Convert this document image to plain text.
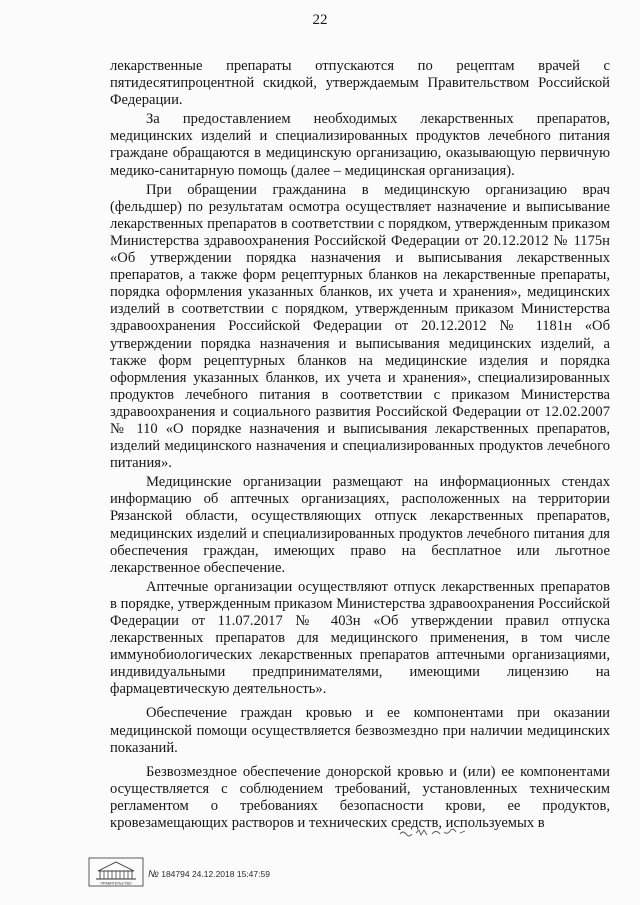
22

лекарственные препараты отпускаются по рецептам врачей с пятидесятипроцентной скидкой, утверждаемым Правительством Российской Федерации.

За предоставлением необходимых лекарственных препаратов, медицинских изделий и специализированных продуктов лечебного питания граждане обращаются в медицинскую организацию, оказывающую первичную медико-санитарную помощь (далее – медицинская организация).

При обращении гражданина в медицинскую организацию врач (фельдшер) по результатам осмотра осуществляет назначение и выписывание лекарственных препаратов в соответствии с порядком, утвержденным приказом Министерства здравоохранения Российской Федерации от 20.12.2012 № 1175н «Об утверждении порядка назначения и выписывания лекарственных препаратов, а также форм рецептурных бланков на лекарственные препараты, порядка оформления указанных бланков, их учета и хранения», медицинских изделий в соответствии с порядком, утвержденным приказом Министерства здравоохранения Российской Федерации от 20.12.2012 № 1181н «Об утверждении порядка назначения и выписывания медицинских изделий, а также форм рецептурных бланков на медицинские изделия и порядка оформления указанных бланков, их учета и хранения», специализированных продуктов лечебного питания в соответствии с приказом Министерства здравоохранения и социального развития Российской Федерации от 12.02.2007 № 110 «О порядке назначения и выписывания лекарственных препаратов, изделий медицинского назначения и специализированных продуктов лечебного питания».

Медицинские организации размещают на информационных стендах информацию об аптечных организациях, расположенных на территории Рязанской области, осуществляющих отпуск лекарственных препаратов, медицинских изделий и специализированных продуктов лечебного питания для обеспечения граждан, имеющих право на бесплатное или льготное лекарственное обеспечение.

Аптечные организации осуществляют отпуск лекарственных препаратов в порядке, утвержденным приказом Министерства здравоохранения Российской Федерации от 11.07.2017 № 403н «Об утверждении правил отпуска лекарственных препаратов для медицинского применения, в том числе иммунобиологических лекарственных препаратов аптечными организациями, индивидуальными предпринимателями, имеющими лицензию на фармацевтическую деятельность».

Обеспечение граждан кровью и ее компонентами при оказании медицинской помощи осуществляется безвозмездно при наличии медицинских показаний.

Безвозмездное обеспечение донорской кровью и (или) ее компонентами осуществляется с соблюдением требований, установленных техническим регламентом о требованиях безопасности крови, ее продуктов, кровезамещающих растворов и технических средств, используемых в

ПРАВИТЕЛЬСТВО
№ 184794 24.12.2018 15:47:59
